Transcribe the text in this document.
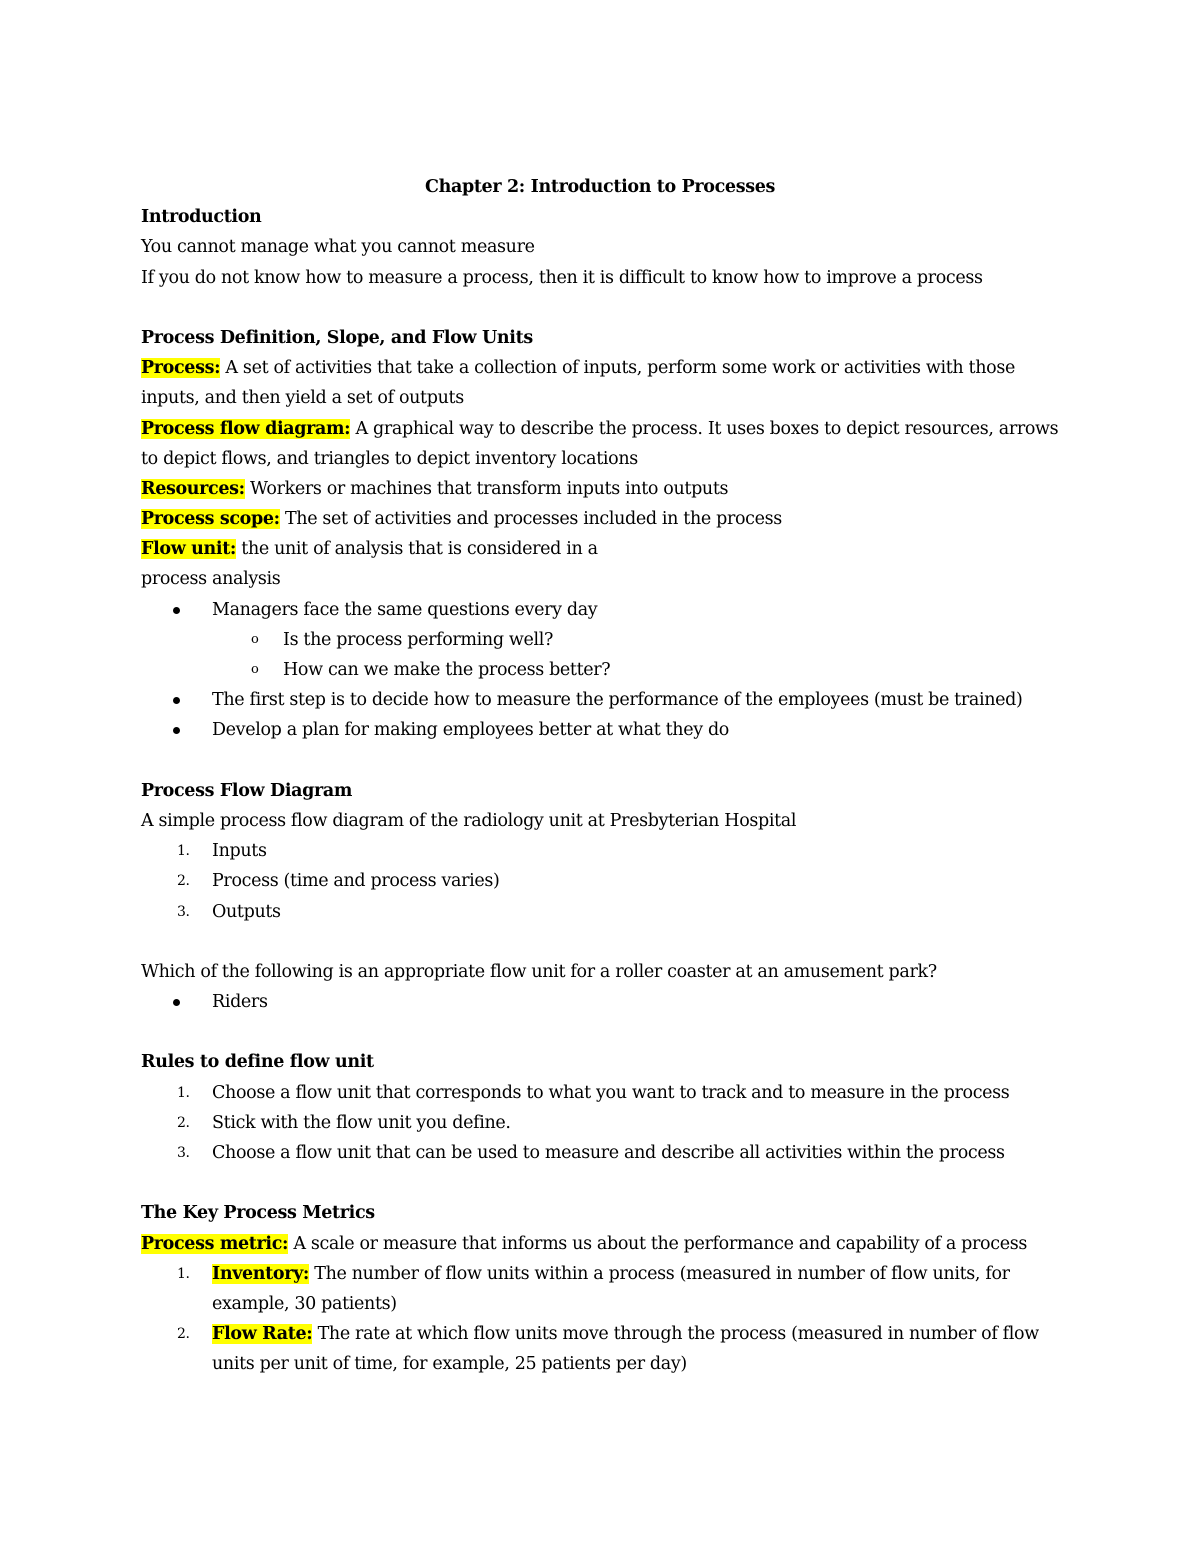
Chapter 2: Introduction to Processes
Introduction
You cannot manage what you cannot measure
If you do not know how to measure a process, then it is difficult to know how to improve a process
Process Definition, Slope, and Flow Units
Process: A set of activities that take a collection of inputs, perform some work or activities with those
inputs, and then yield a set of outputs
Process flow diagram: A graphical way to describe the process. It uses boxes to depict resources, arrows
to depict flows, and triangles to depict inventory locations
Resources: Workers or machines that transform inputs into outputs
Process scope: The set of activities and processes included in the process
Flow unit: the unit of analysis that is considered in a
process analysis
Managers face the same questions every day
o Is the process performing well?
o How can we make the process better?
The first step is to decide how to measure the performance of the employees (must be trained)
Develop a plan for making employees better at what they do
Process Flow Diagram
A simple process flow diagram of the radiology unit at Presbyterian Hospital
1. Inputs
2. Process (time and process varies)
3. Outputs
Which of the following is an appropriate flow unit for a roller coaster at an amusement park?
Riders
Rules to define flow unit
1. Choose a flow unit that corresponds to what you want to track and to measure in the process
2. Stick with the flow unit you define.
3. Choose a flow unit that can be used to measure and describe all activities within the process
The Key Process Metrics
Process metric: A scale or measure that informs us about the performance and capability of a process
1. Inventory: The number of flow units within a process (measured in number of flow units, for
example, 30 patients)
2. Flow Rate: The rate at which flow units move through the process (measured in number of flow
units per unit of time, for example, 25 patients per day)
